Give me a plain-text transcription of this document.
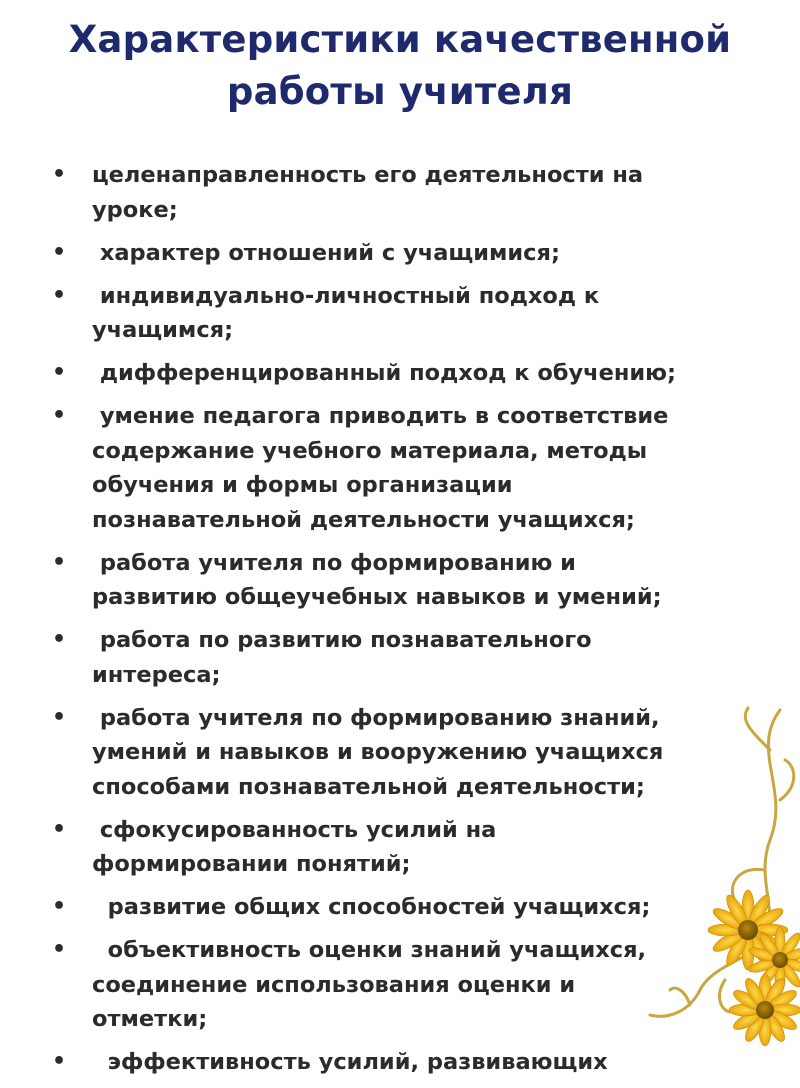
Характеристики качественной
работы учителя
• целенаправленность его деятельности на
уроке;
• характер отношений с учащимися;
• индивидуально-личностный подход к
учащимся;
• дифференцированный подход к обучению;
• умение педагога приводить в соответствие
содержание учебного материала, методы
обучения и формы организации
познавательной деятельности учащихся;
• работа учителя по формированию и
развитию общеучебных навыков и умений;
• работа по развитию познавательного
интереса;
• работа учителя по формированию знаний,
умений и навыков и вооружению учащихся
способами познавательной деятельности;
• сфокусированность усилий на
формировании понятий;
• развитие общих способностей учащихся;
• объективность оценки знаний учащихся,
соединение использования оценки и
отметки;
• эффективность усилий, развивающих
